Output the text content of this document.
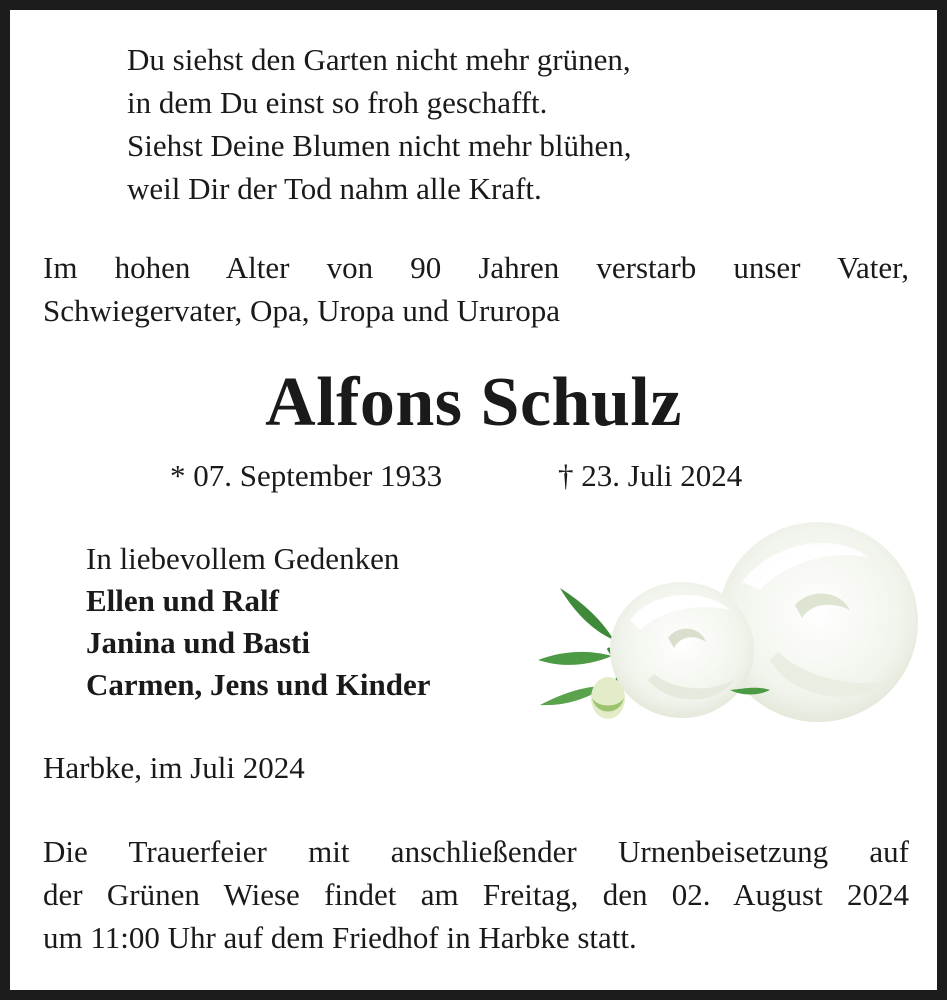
Du siehst den Garten nicht mehr grünen,
in dem Du einst so froh geschafft.
Siehst Deine Blumen nicht mehr blühen,
weil Dir der Tod nahm alle Kraft.
Im hohen Alter von 90 Jahren verstarb unser Vater,
Schwiegervater, Opa, Uropa und Ururopa
Alfons Schulz
* 07. September 1933	† 23. Juli 2024
In liebevollem Gedenken
Ellen und Ralf
Janina und Basti
Carmen, Jens und Kinder
Harbke, im Juli 2024
Die Trauerfeier mit anschließender Urnenbeisetzung auf
der Grünen Wiese findet am Freitag, den 02. August 2024
um 11:00 Uhr auf dem Friedhof in Harbke statt.
